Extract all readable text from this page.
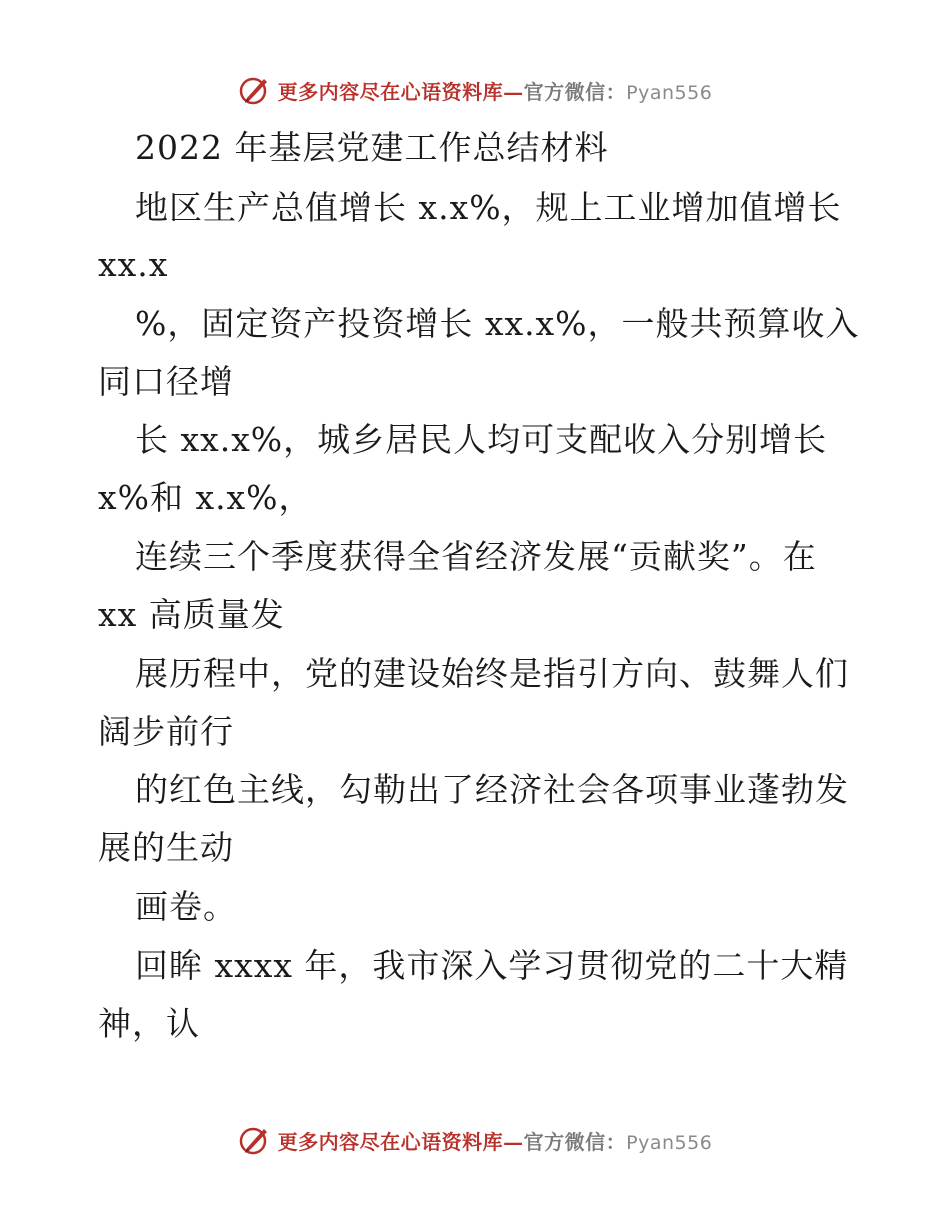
更多内容尽在心语资料库—官方微信：Pyan556
2022 年基层党建工作总结材料
地区生产总值增长 x.x%，规上工业增加值增长
xx.x
%，固定资产投资增长 xx.x%，一般共预算收入
同口径增
长 xx.x%，城乡居民人均可支配收入分别增长
x%和 x.x%，
连续三个季度获得全省经济发展“贡献奖”。在
xx 高质量发
展历程中，党的建设始终是指引方向、鼓舞人们
阔步前行
的红色主线，勾勒出了经济社会各项事业蓬勃发
展的生动
画卷。
回眸 xxxx 年，我市深入学习贯彻党的二十大精
神，认
更多内容尽在心语资料库—官方微信：Pyan556
